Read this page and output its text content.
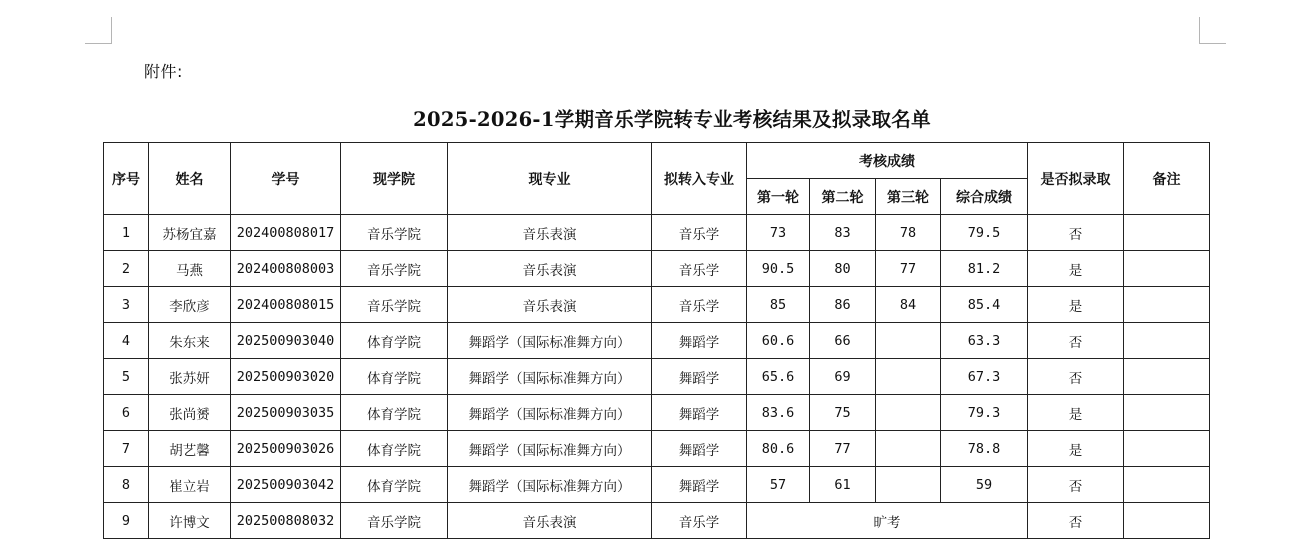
附件:
2025-2026-1学期音乐学院转专业考核结果及拟录取名单
序号	姓名	学号	现学院	现专业	拟转入专业	考核成绩				是否拟录取	备注
						第一轮	第二轮	第三轮	综合成绩		
1	苏杨宜嘉	202400808017	音乐学院	音乐表演	音乐学	73	83	78	79.5	否	
2	马燕	202400808003	音乐学院	音乐表演	音乐学	90.5	80	77	81.2	是	
3	李欣彦	202400808015	音乐学院	音乐表演	音乐学	85	86	84	85.4	是	
4	朱东来	202500903040	体育学院	舞蹈学（国际标准舞方向）	舞蹈学	60.6	66		63.3	否	
5	张苏妍	202500903020	体育学院	舞蹈学（国际标准舞方向）	舞蹈学	65.6	69		67.3	否	
6	张尚赟	202500903035	体育学院	舞蹈学（国际标准舞方向）	舞蹈学	83.6	75		79.3	是	
7	胡艺馨	202500903026	体育学院	舞蹈学（国际标准舞方向）	舞蹈学	80.6	77		78.8	是	
8	崔立岩	202500903042	体育学院	舞蹈学（国际标准舞方向）	舞蹈学	57	61		59	否	
9	许博文	202500808032	音乐学院	音乐表演	音乐学	旷考				否	
